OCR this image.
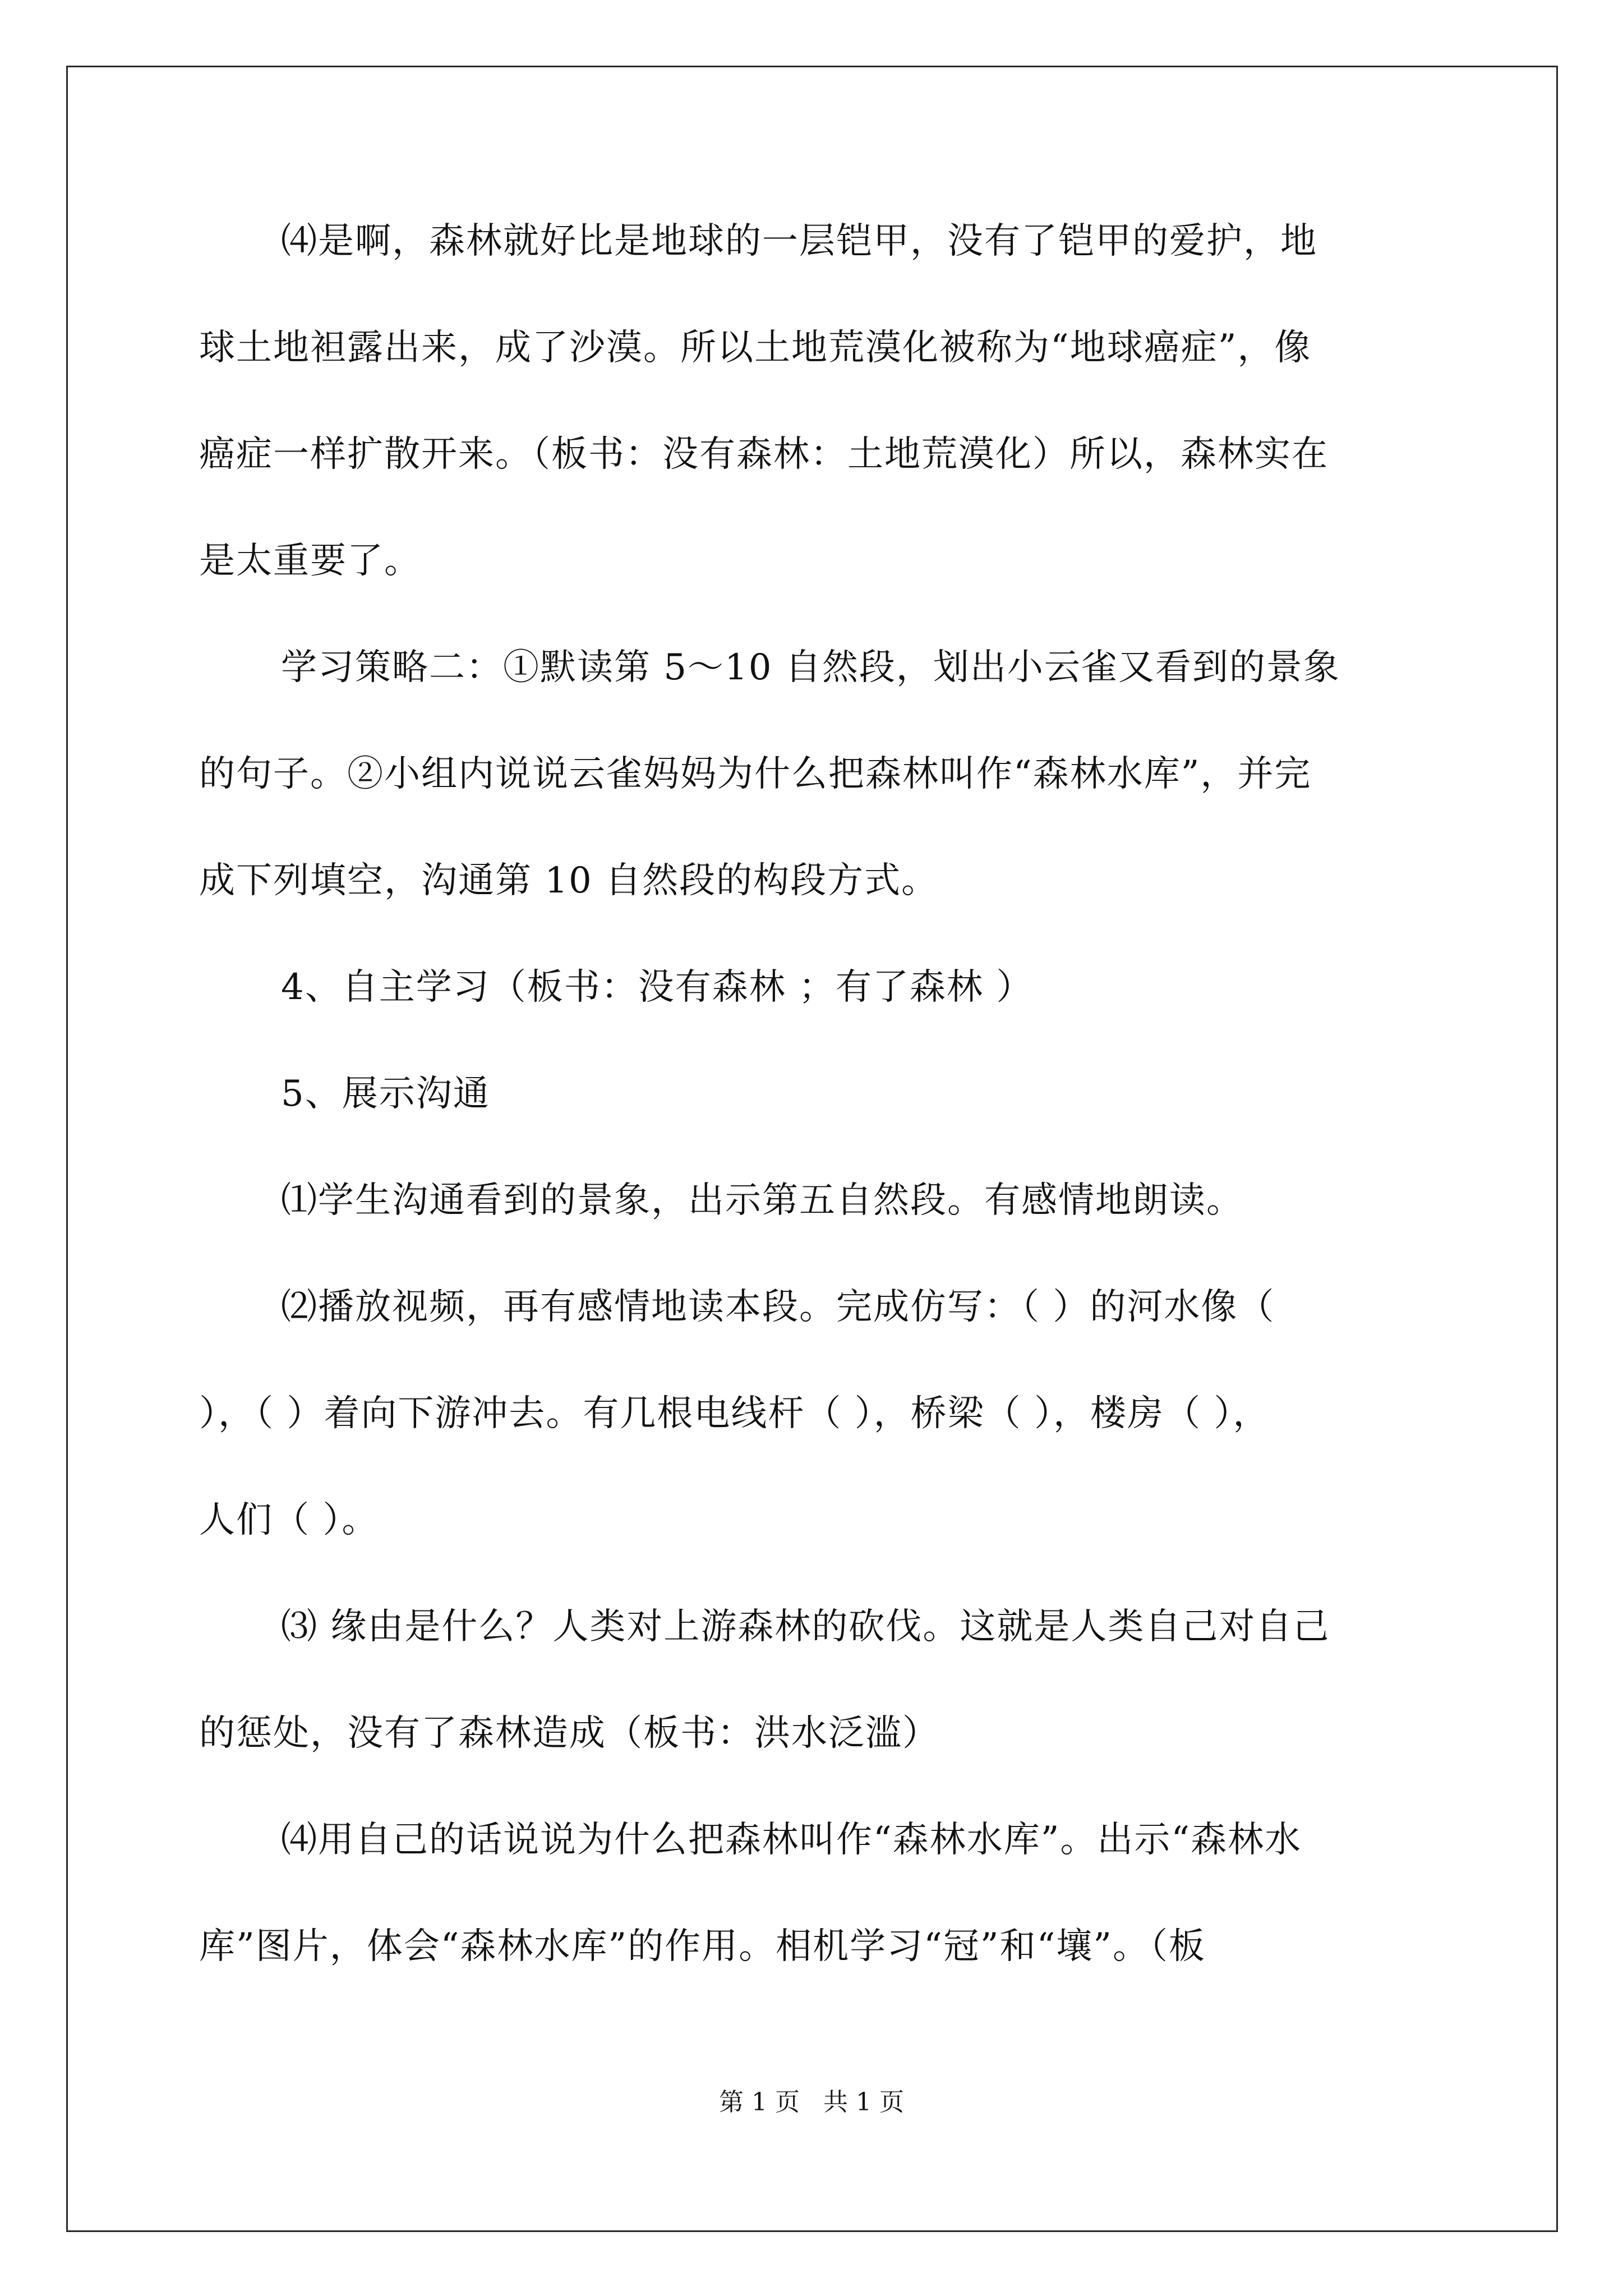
⑷是啊，森林就好比是地球的一层铠甲，没有了铠甲的爱护，地
球土地袒露出来，成了沙漠。所以土地荒漠化被称为“地球癌症”，像
癌症一样扩散开来。（板书：没有森林：土地荒漠化）所以，森林实在
是太重要了。
学习策略二：①默读第 5～10 自然段，划出小云雀又看到的景象
的句子。②小组内说说云雀妈妈为什么把森林叫作“森林水库”，并完
成下列填空，沟通第 10 自然段的构段方式。
4、自主学习（板书：没有森林 ；有了森林 ）
5、展示沟通
⑴学生沟通看到的景象，出示第五自然段。有感情地朗读。
⑵播放视频，再有感情地读本段。完成仿写：（ ）的河水像（
），（ ）着向下游冲去。有几根电线杆（ ），桥梁（ ），楼房（ ），
人们（ ）。
⑶ 缘由是什么？人类对上游森林的砍伐。这就是人类自己对自己
的惩处，没有了森林造成（板书：洪水泛滥）
⑷用自己的话说说为什么把森林叫作“森林水库”。出示“森林水
库”图片，体会“森林水库”的作用。相机学习“冠”和“壤”。（板
第 1 页 共 1 页
